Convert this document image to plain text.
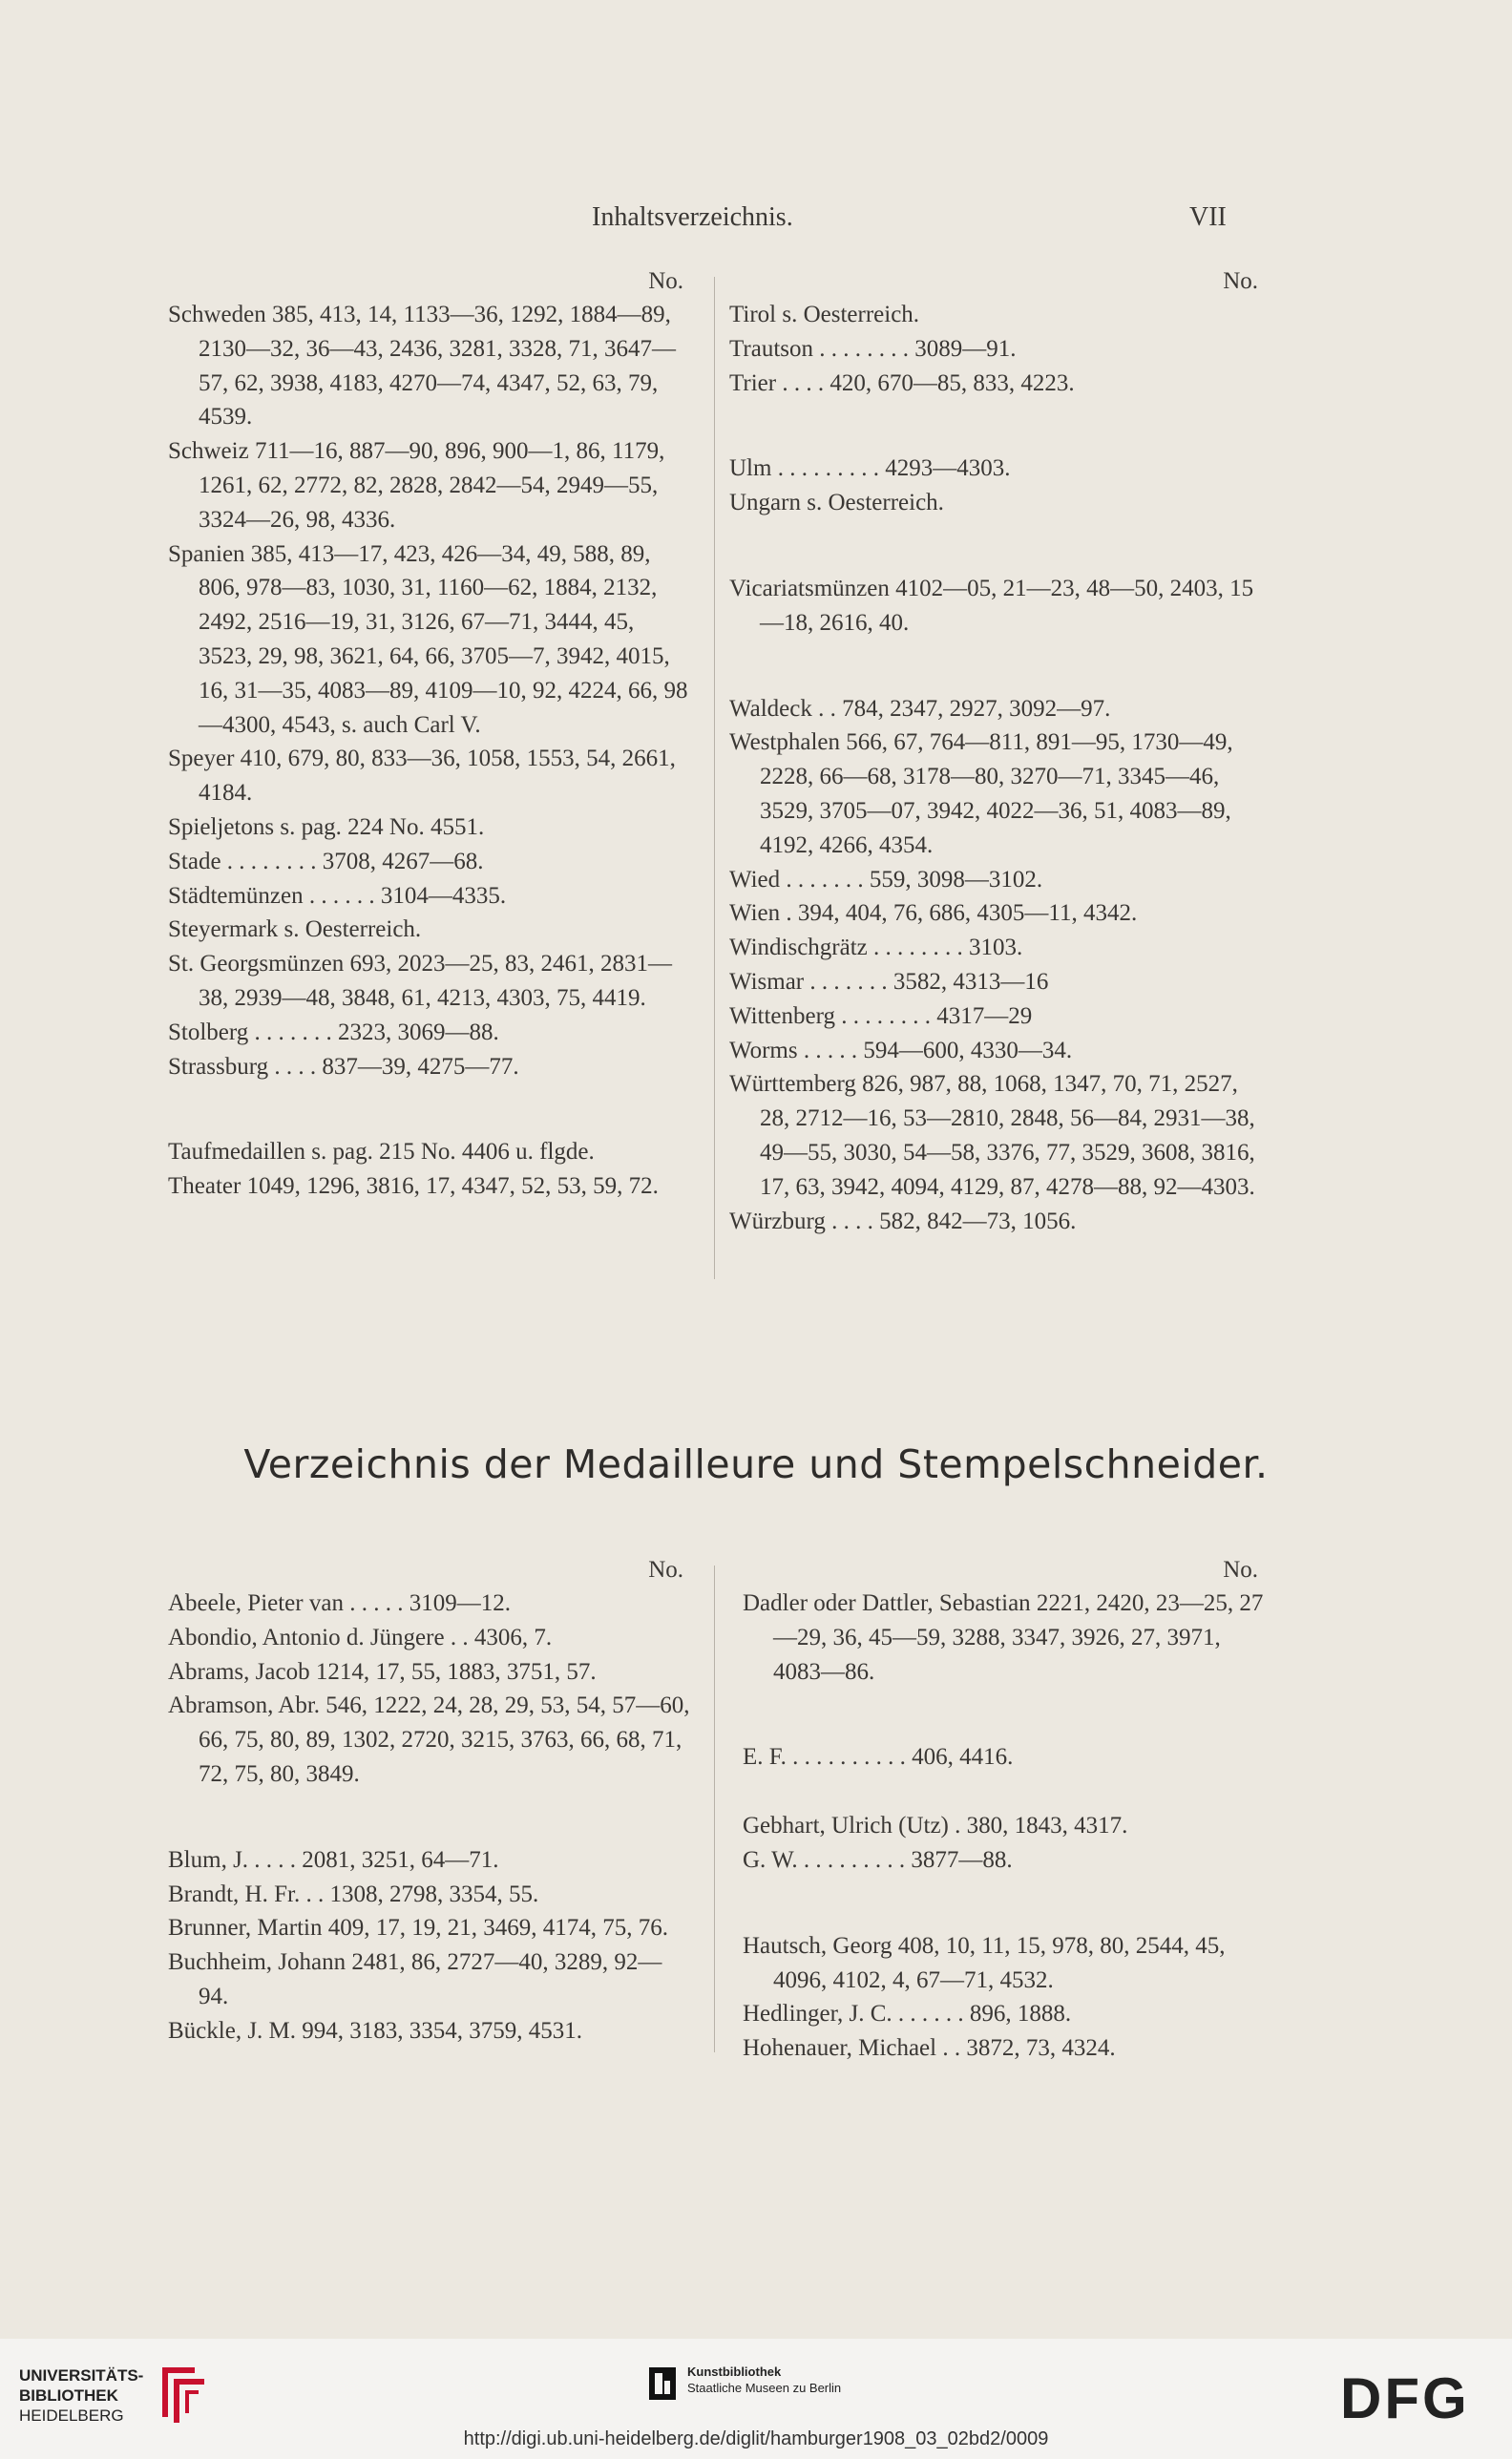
Inhaltsverzeichnis.	VII
No.

Schweden 385, 413, 14, 1133—36, 1292, 1884—89, 2130—32, 36—43, 2436, 3281, 3328, 71, 3647—57, 62, 3938, 4183, 4270—74, 4347, 52, 63, 79, 4539.

Schweiz 711—16, 887—90, 896, 900—1, 86, 1179, 1261, 62, 2772, 82, 2828, 2842—54, 2949—55, 3324—26, 98, 4336.

Spanien 385, 413—17, 423, 426—34, 49, 588, 89, 806, 978—83, 1030, 31, 1160—62, 1884, 2132, 2492, 2516—19, 31, 3126, 67—71, 3444, 45, 3523, 29, 98, 3621, 64, 66, 3705—7, 3942, 4015, 16, 31—35, 4083—89, 4109—10, 92, 4224, 66, 98—4300, 4543, s. auch Carl V.

Speyer 410, 679, 80, 833—36, 1058, 1553, 54, 2661, 4184.

Spieljetons s. pag. 224 No. 4551.

Stade . . . . . . . . 3708, 4267—68.

Städtemünzen . . . . . . 3104—4335.

Steyermark s. Oesterreich.

St. Georgsmünzen 693, 2023—25, 83, 2461, 2831—38, 2939—48, 3848, 61, 4213, 4303, 75, 4419.

Stolberg . . . . . . . 2323, 3069—88.

Strassburg . . . . 837—39, 4275—77.

Taufmedaillen s. pag. 215 No. 4406 u. flgde.

Theater 1049, 1296, 3816, 17, 4347, 52, 53, 59, 72.

No.

Tirol s. Oesterreich.

Trautson . . . . . . . . 3089—91.

Trier . . . . 420, 670—85, 833, 4223.

Ulm . . . . . . . . . 4293—4303.

Ungarn s. Oesterreich.

Vicariatsmünzen 4102—05, 21—23, 48—50, 2403, 15—18, 2616, 40.

Waldeck . . 784, 2347, 2927, 3092—97.

Westphalen 566, 67, 764—811, 891—95, 1730—49, 2228, 66—68, 3178—80, 3270—71, 3345—46, 3529, 3705—07, 3942, 4022—36, 51, 4083—89, 4192, 4266, 4354.

Wied . . . . . . . 559, 3098—3102.

Wien . 394, 404, 76, 686, 4305—11, 4342.

Windischgrätz . . . . . . . . 3103.

Wismar . . . . . . . 3582, 4313—16

Wittenberg . . . . . . . . 4317—29

Worms . . . . . 594—600, 4330—34.

Württemberg 826, 987, 88, 1068, 1347, 70, 71, 2527, 28, 2712—16, 53—2810, 2848, 56—84, 2931—38, 49—55, 3030, 54—58, 3376, 77, 3529, 3608, 3816, 17, 63, 3942, 4094, 4129, 87, 4278—88, 92—4303.

Würzburg . . . . 582, 842—73, 1056.

Verzeichnis der Medailleure und Stempelschneider.
No.

Abeele, Pieter van . . . . . 3109—12.

Abondio, Antonio d. Jüngere . . 4306, 7.

Abrams, Jacob 1214, 17, 55, 1883, 3751, 57.

Abramson, Abr. 546, 1222, 24, 28, 29, 53, 54, 57—60, 66, 75, 80, 89, 1302, 2720, 3215, 3763, 66, 68, 71, 72, 75, 80, 3849.

Blum, J. . . . . 2081, 3251, 64—71.

Brandt, H. Fr. . . 1308, 2798, 3354, 55.

Brunner, Martin 409, 17, 19, 21, 3469, 4174, 75, 76.

Buchheim, Johann 2481, 86, 2727—40, 3289, 92—94.

Bückle, J. M. 994, 3183, 3354, 3759, 4531.

No.

Dadler oder Dattler, Sebastian 2221, 2420, 23—25, 27—29, 36, 45—59, 3288, 3347, 3926, 27, 3971, 4083—86.

E. F. . . . . . . . . . . 406, 4416.

Gebhart, Ulrich (Utz) . 380, 1843, 4317.

G. W. . . . . . . . . . 3877—88.

Hautsch, Georg 408, 10, 11, 15, 978, 80, 2544, 45, 4096, 4102, 4, 67—71, 4532.

Hedlinger, J. C. . . . . . . 896, 1888.

Hohenauer, Michael . . 3872, 73, 4324.

UNIVERSITÄTS-
BIBLIOTHEK
HEIDELBERG
Kunstbibliothek
Staatliche Museen zu Berlin	DFG
http://digi.ub.uni-heidelberg.de/diglit/hamburger1908_03_02bd2/0009
